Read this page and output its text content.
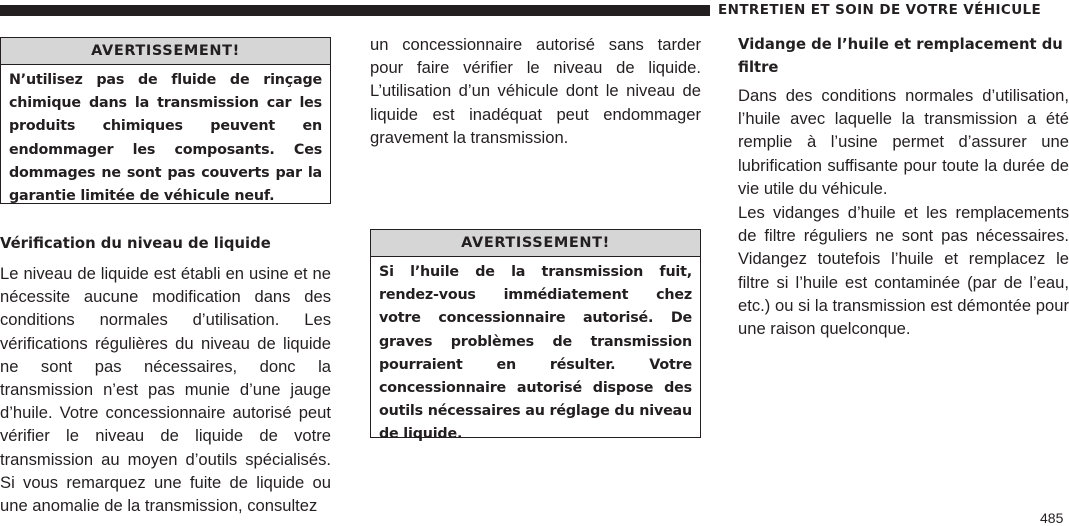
ENTRETIEN ET SOIN DE VOTRE VÉHICULE
AVERTISSEMENT!
N’utilisez pas de fluide de rinçage chimique dans la transmission car les produits chimiques peuvent en endommager les composants. Ces dommages ne sont pas couverts par la garantie limitée de véhicule neuf.
Vérification du niveau de liquide

Le niveau de liquide est établi en usine et ne nécessite aucune modification dans des conditions normales d’utilisation. Les vérifications régulières du niveau de liquide ne sont pas nécessaires, donc la transmission n’est pas munie d’une jauge d’huile. Votre concessionnaire autorisé peut vérifier le niveau de liquide de votre transmission au moyen d’outils spécialisés. Si vous remarquez une fuite de liquide ou une anomalie de la transmission, consultez

un concessionnaire autorisé sans tarder pour faire vérifier le niveau de liquide. L’utilisation d’un véhicule dont le niveau de liquide est inadéquat peut endommager gravement la transmission.

AVERTISSEMENT!
Si l’huile de la transmission fuit, rendez-vous immédiatement chez votre concessionnaire autorisé. De graves problèmes de transmission pourraient en résulter. Votre concessionnaire autorisé dispose des outils nécessaires au réglage du niveau de liquide.
Vidange de l’huile et remplacement du filtre

Dans des conditions normales d’utilisation, l’huile avec laquelle la transmission a été remplie à l’usine permet d’assurer une lubrification suffisante pour toute la durée de vie utile du véhicule.

Les vidanges d’huile et les remplacements de filtre réguliers ne sont pas nécessaires. Vidangez toutefois l’huile et remplacez le filtre si l’huile est contaminée (par de l’eau, etc.) ou si la transmission est démontée pour une raison quelconque.

485
